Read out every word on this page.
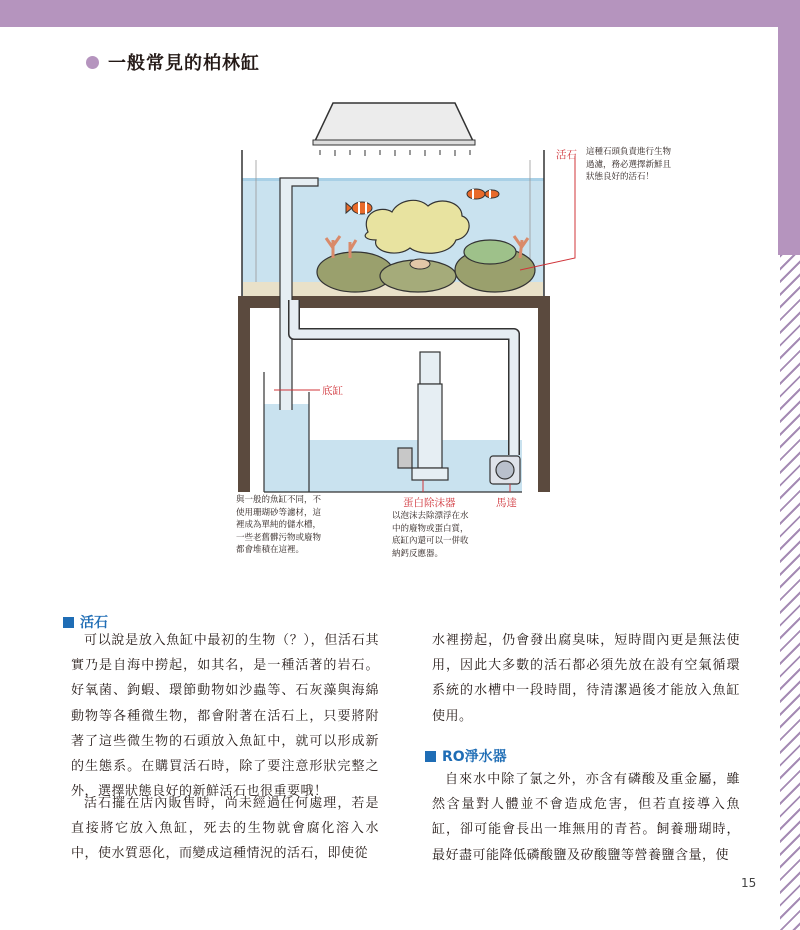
一般常見的柏林缸
活石 這種石頭負責進行生物
過濾，務必選擇新鮮且
狀態良好的活石！
底缸
與一般的魚缸不同，不
使用珊瑚砂等濾材，這
裡成為單純的儲水槽，
一些老舊髒污物或廢物
都會堆積在這裡。
蛋白除沫器	馬達
以泡沫去除漂浮在水
中的廢物或蛋白質，
底缸內還可以一併收
納鈣反應器。
活石

可以說是放入魚缸中最初的生物（？），但活石其實乃是自海中撈起，如其名，是一種活著的岩石。好氧菌、鉤蝦、環節動物如沙蟲等、石灰藻與海綿動物等各種微生物，都會附著在活石上，只要將附著了這些微生物的石頭放入魚缸中，就可以形成新的生態系。在購買活石時，除了要注意形狀完整之外，選擇狀態良好的新鮮活石也很重要哦！

活石擺在店內販售時，尚未經過任何處理，若是直接將它放入魚缸，死去的生物就會腐化溶入水中，使水質惡化，而變成這種情況的活石，即使從

水裡撈起，仍會發出腐臭味，短時間內更是無法使用，因此大多數的活石都必須先放在設有空氣循環系統的水槽中一段時間，待清潔過後才能放入魚缸使用。

RO淨水器

自來水中除了氯之外，亦含有磷酸及重金屬，雖然含量對人體並不會造成危害，但若直接導入魚缸，卻可能會長出一堆無用的青苔。飼養珊瑚時，最好盡可能降低磷酸鹽及矽酸鹽等營養鹽含量，使

15
